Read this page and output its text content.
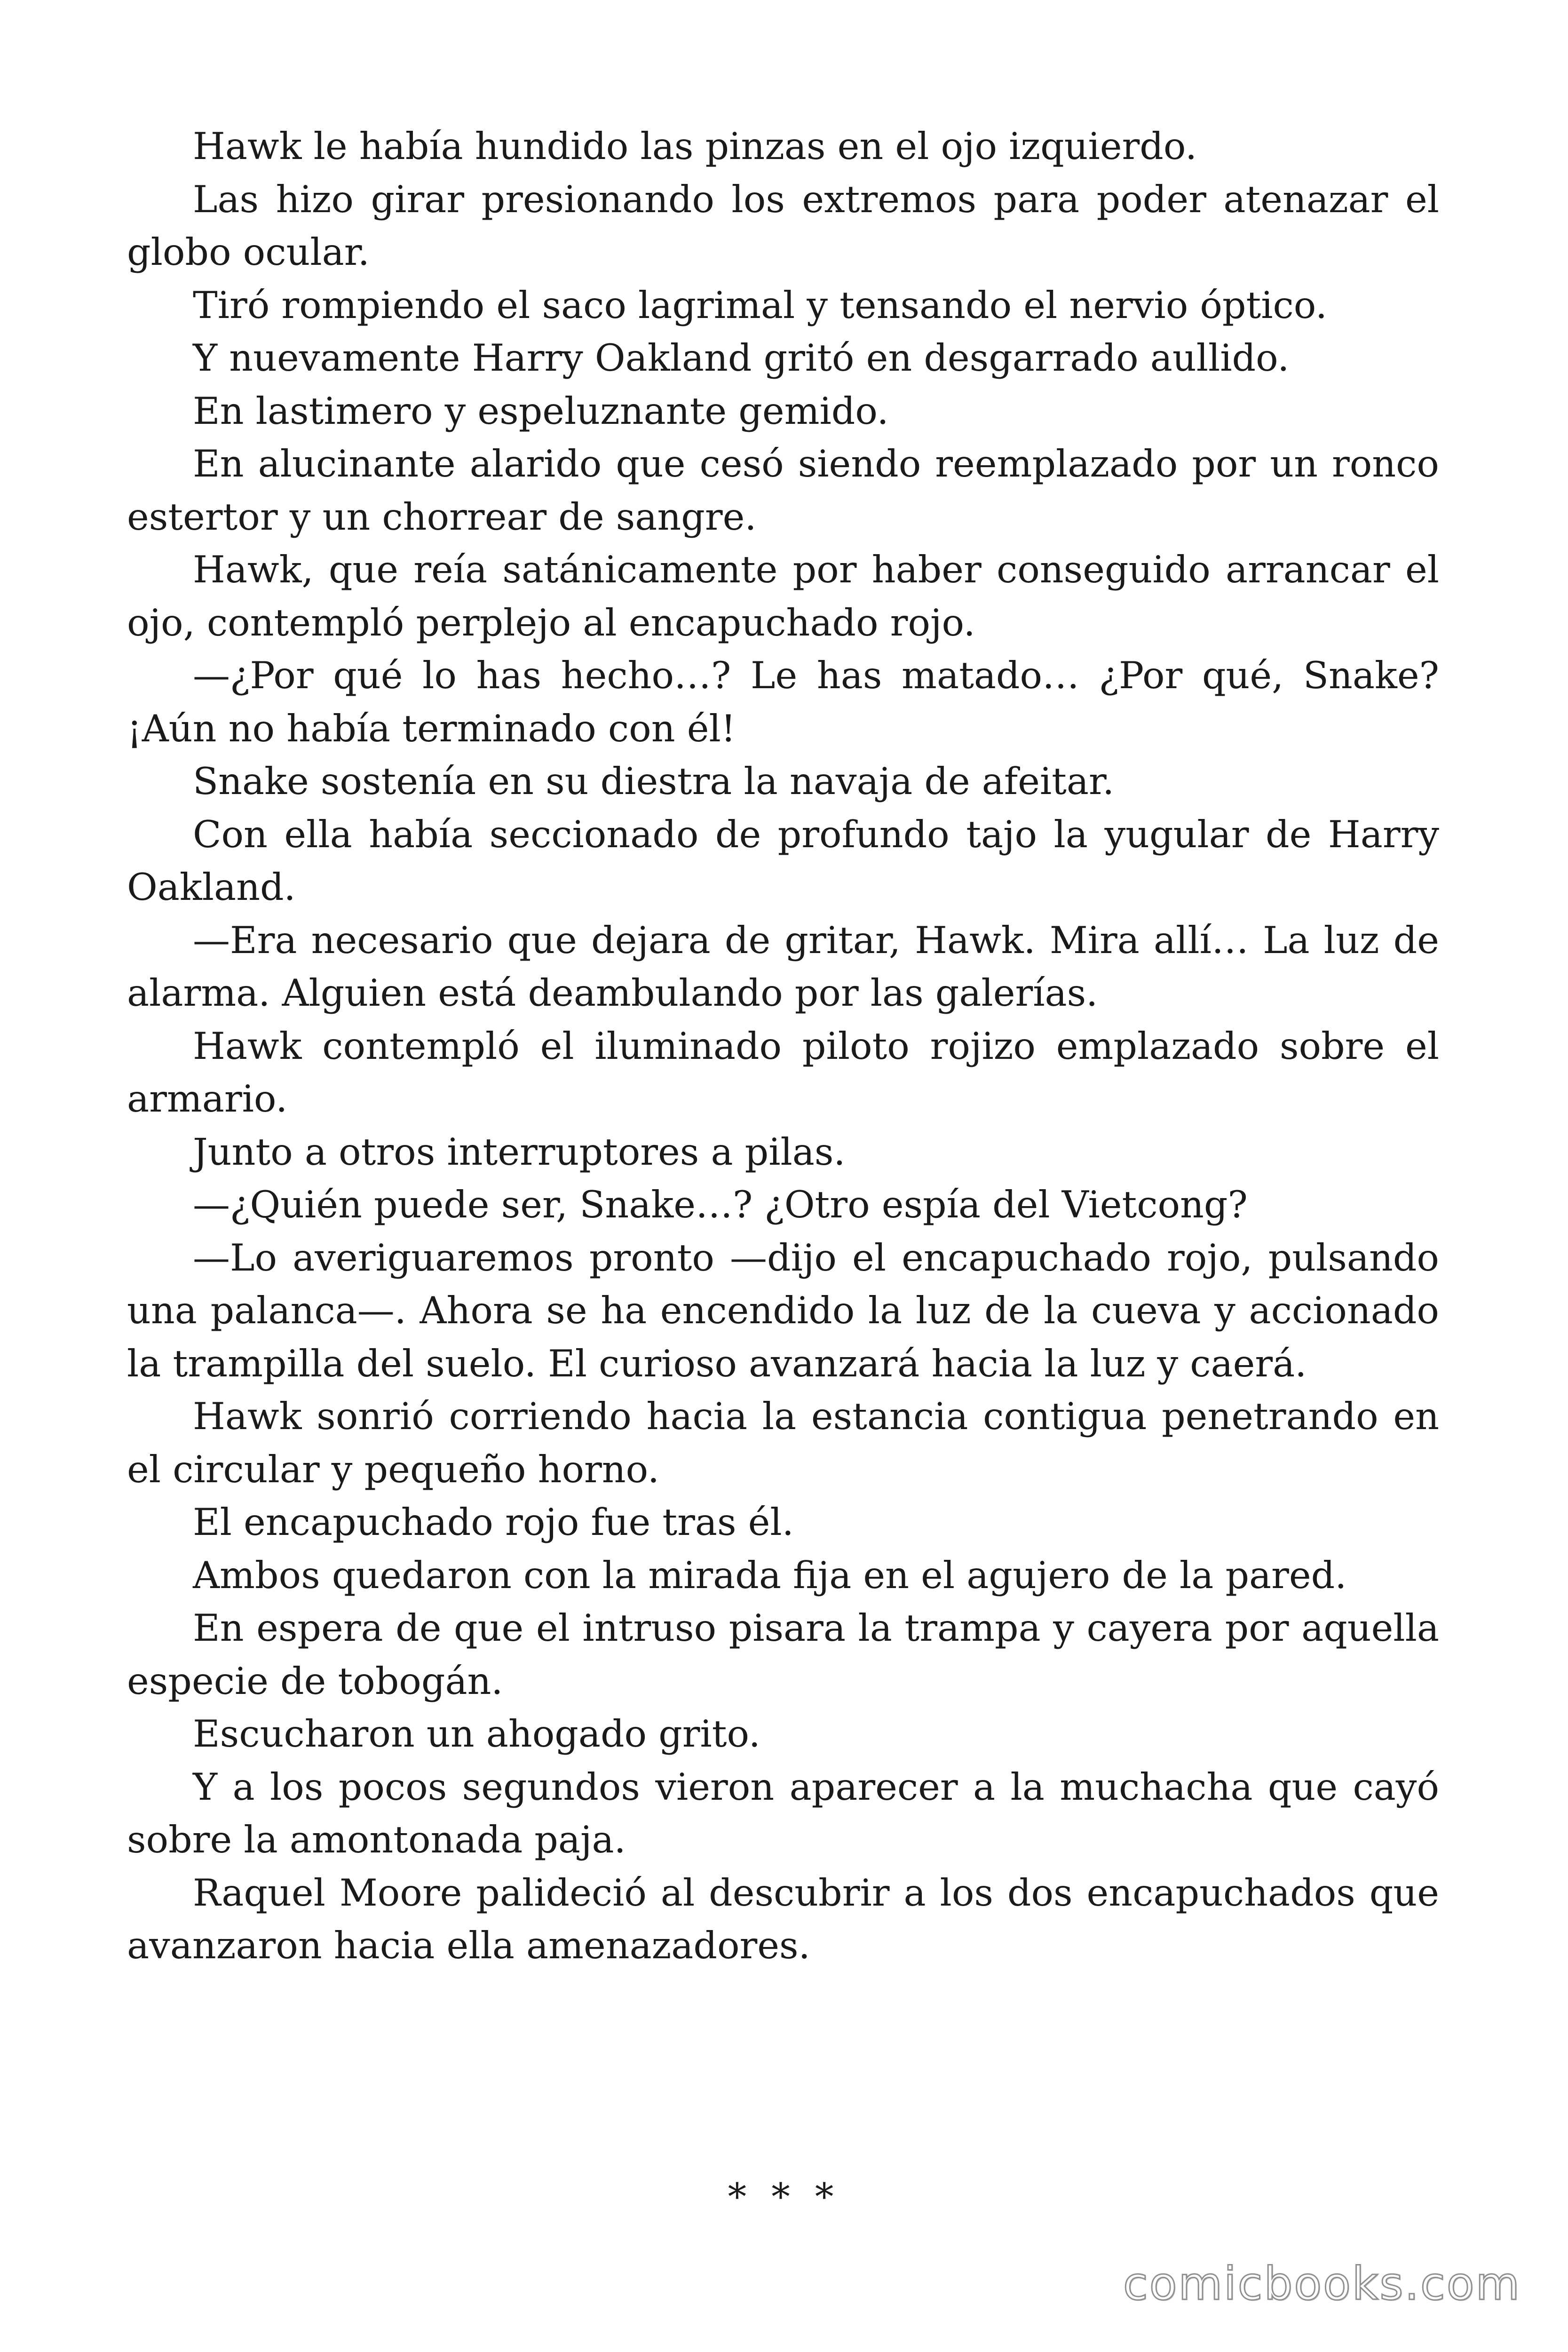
Hawk le había hundido las pinzas en el ojo izquierdo.

Las hizo girar presionando los extremos para poder atenazar el globo ocular.

Tiró rompiendo el saco lagrimal y tensando el nervio óptico.

Y nuevamente Harry Oakland gritó en desgarrado aullido.

En lastimero y espeluznante gemido.

En alucinante alarido que cesó siendo reemplazado por un ronco estertor y un chorrear de sangre.

Hawk, que reía satánicamente por haber conseguido arrancar el ojo, contempló perplejo al encapuchado rojo.

—¿Por qué lo has hecho…? Le has matado… ¿Por qué, Snake? ¡Aún no había terminado con él!

Snake sostenía en su diestra la navaja de afeitar.

Con ella había seccionado de profundo tajo la yugular de Harry Oakland.

—Era necesario que dejara de gritar, Hawk. Mira allí… La luz de alarma. Alguien está deambulando por las galerías.

Hawk contempló el iluminado piloto rojizo emplazado sobre el armario.

Junto a otros interruptores a pilas.

—¿Quién puede ser, Snake…? ¿Otro espía del Vietcong?

—Lo averiguaremos pronto —dijo el encapuchado rojo, pulsando una palanca—. Ahora se ha encendido la luz de la cueva y accionado la trampilla del suelo. El curioso avanzará hacia la luz y caerá.

Hawk sonrió corriendo hacia la estancia contigua penetrando en el circular y pequeño horno.

El encapuchado rojo fue tras él.

Ambos quedaron con la mirada fija en el agujero de la pared.

En espera de que el intruso pisara la trampa y cayera por aquella especie de tobogán.

Escucharon un ahogado grito.

Y a los pocos segundos vieron aparecer a la muchacha que cayó sobre la amontonada paja.

Raquel Moore palideció al descubrir a los dos encapuchados que avanzaron hacia ella amenazadores.

* * *
comicbooks.com
